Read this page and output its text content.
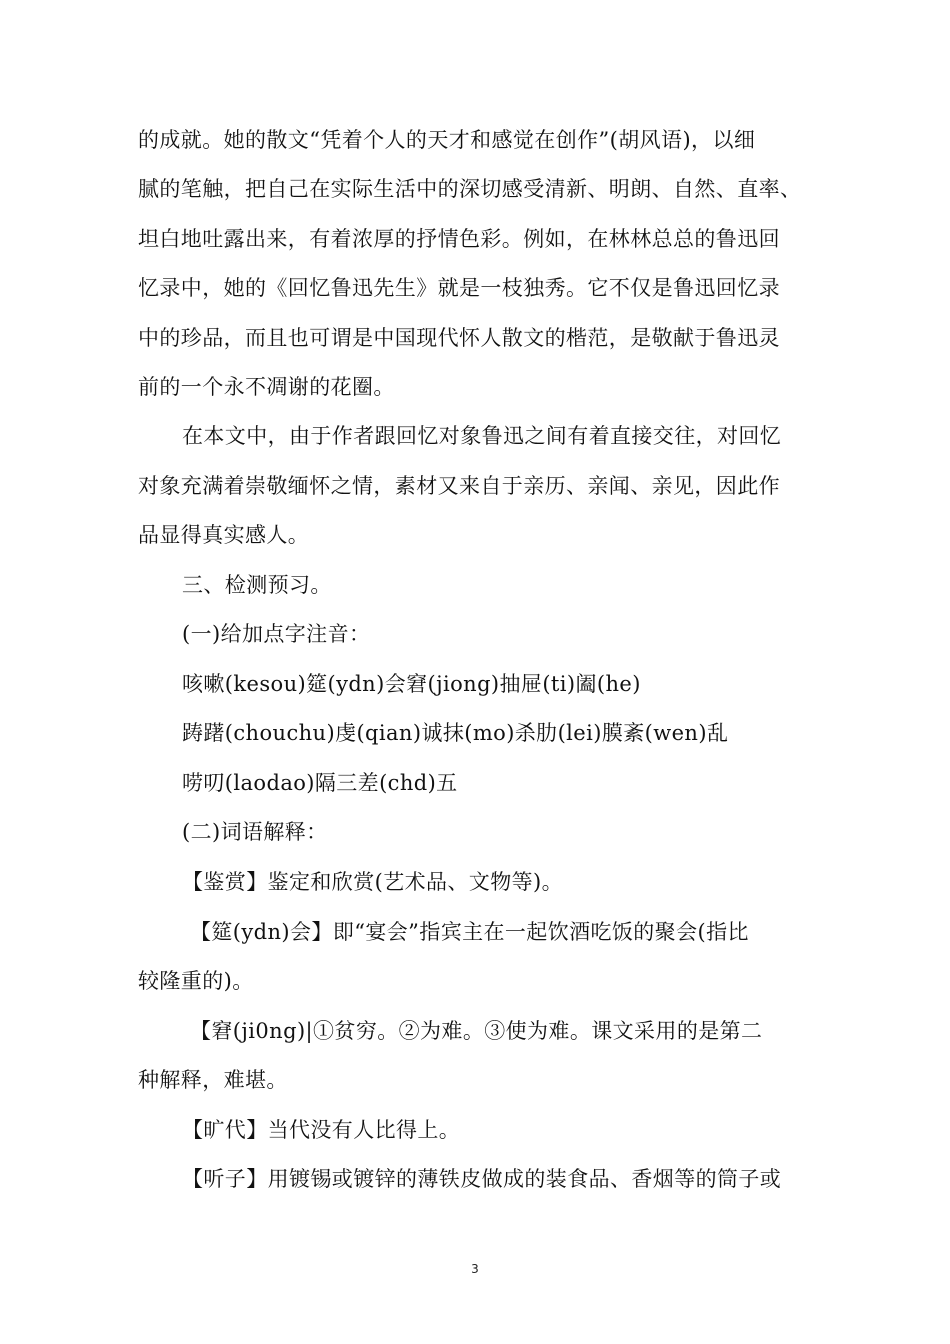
的成就。她的散文“凭着个人的天才和感觉在创作”(胡风语)，以细
腻的笔触，把自己在实际生活中的深切感受清新、明朗、自然、直率、
坦白地吐露出来，有着浓厚的抒情色彩。例如，在林林总总的鲁迅回
忆录中，她的《回忆鲁迅先生》就是一枝独秀。它不仅是鲁迅回忆录
中的珍品，而且也可谓是中国现代怀人散文的楷范，是敬献于鲁迅灵
前的一个永不凋谢的花圈。
在本文中，由于作者跟回忆对象鲁迅之间有着直接交往，对回忆
对象充满着崇敬缅怀之情，素材又来自于亲历、亲闻、亲见，因此作
品显得真实感人。
三、检测预习。
(一)给加点字注音：
咳嗽(kesou)筵(ydn)会窘(jiong)抽屉(ti)阖(he)
踌躇(chouchu)虔(qian)诚抹(mo)杀肋(lei)膜紊(wen)乱
唠叨(laodao)隔三差(chd)五
(二)词语解释：
【鉴赏】鉴定和欣赏(艺术品、文物等)。
【筵(ydn)会】即“宴会”指宾主在一起饮酒吃饭的聚会(指比
较隆重的)。
【窘(ji0ng)|①贫穷。②为难。③使为难。课文采用的是第二
种解释，难堪。
【旷代】当代没有人比得上。
【听子】用镀锡或镀锌的薄铁皮做成的装食品、香烟等的筒子或
3
